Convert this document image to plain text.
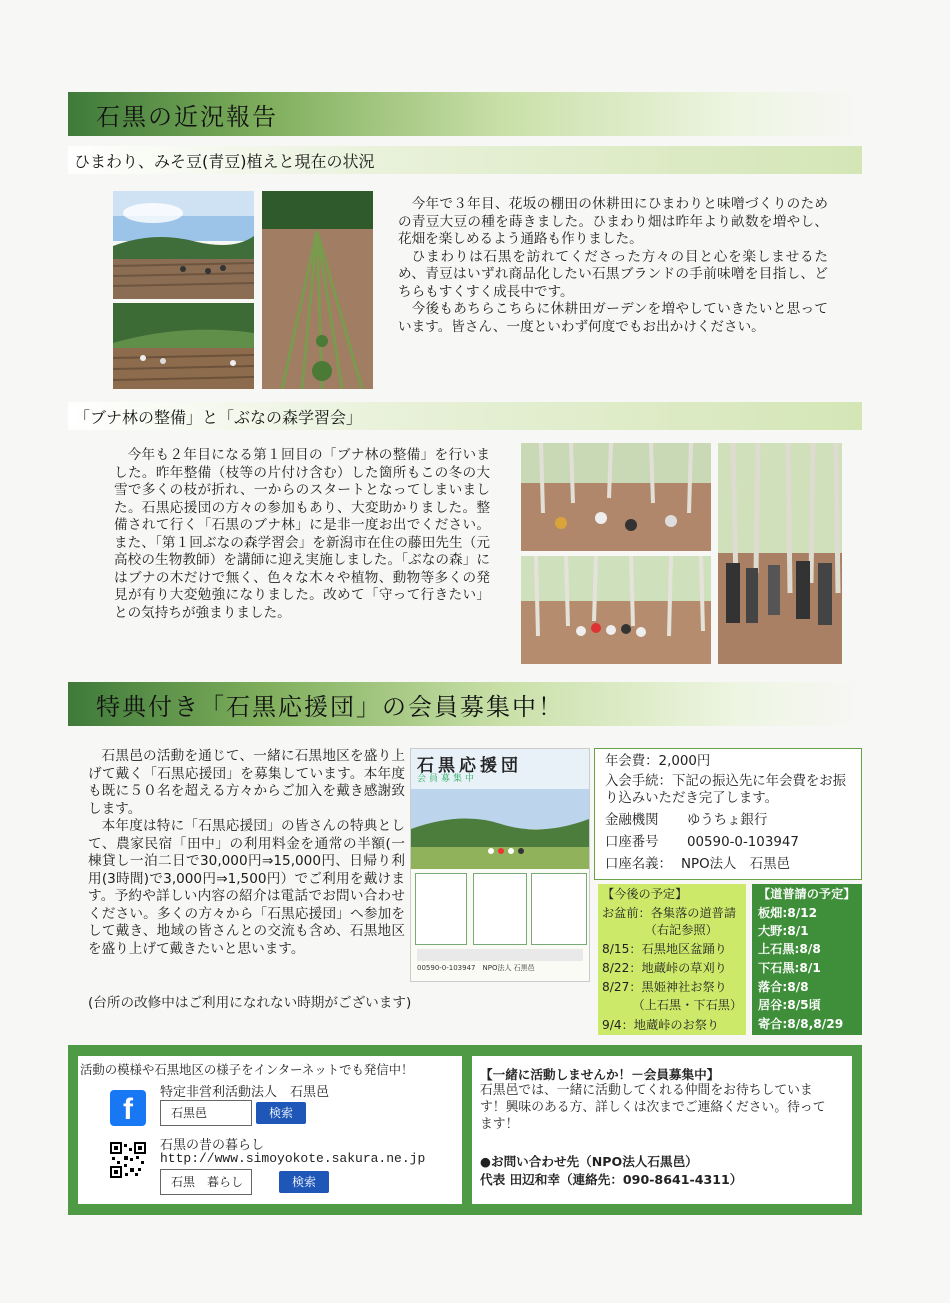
石黒の近況報告
ひまわり、みそ豆(青豆)植えと現在の状況

今年で３年目、花坂の棚田の休耕田にひまわりと味噌づくりのための青豆大豆の種を蒔きました。ひまわり畑は昨年より畝数を増やし、花畑を楽しめるよう通路も作りました。

ひまわりは石黒を訪れてくださった方々の目と心を楽しませるため、青豆はいずれ商品化したい石黒ブランドの手前味噌を目指し、どちらもすくすく成長中です。

今後もあちらこちらに休耕田ガーデンを増やしていきたいと思っています。皆さん、一度といわず何度でもお出かけください。

「ブナ林の整備」と「ぶなの森学習会」

今年も２年目になる第１回目の「ブナ林の整備」を行いました。昨年整備（枝等の片付け含む）した箇所もこの冬の大雪で多くの枝が折れ、一からのスタートとなってしまいました。石黒応援団の方々の参加もあり、大変助かりました。整備されて行く「石黒のブナ林」に是非一度お出でください。また、「第１回ぶなの森学習会」を新潟市在住の藤田先生（元高校の生物教師）を講師に迎え実施しました。「ぶなの森」にはブナの木だけで無く、色々な木々や植物、動物等多くの発見が有り大変勉強になりました。改めて「守って行きたい」との気持ちが強まりました。

特典付き「石黒応援団」の会員募集中！

石黒邑の活動を通じて、一緒に石黒地区を盛り上げて戴く「石黒応援団」を募集しています。本年度も既に５０名を超える方々からご加入を戴き感謝致します。

本年度は特に「石黒応援団」の皆さんの特典として、農家民宿「田中」の利用料金を通常の半額(一棟貸し一泊二日で30,000円⇒15,000円、日帰り利用(3時間)で3,000円⇒1,500円）でご利用を戴けます。予約や詳しい内容の紹介は電話でお問い合わせください。多くの方々から「石黒応援団」へ参加をして戴き、地域の皆さんとの交流も含め、石黒地区を盛り上げて戴きたいと思います。

(台所の改修中はご利用になれない時期がございます)
石黒応援団
会員募集中
00590-0-103947　NPO法人 石黒邑
年会費：2,000円
入会手続：下記の振込先に年会費をお振り込みいただき完了します。
金融機関 ゆうちょ銀行
口座番号 00590-0-103947
口座名義： NPO法人　石黒邑
【今後の予定】
お盆前：各集落の道普請
　　　　（右記参照）
8/15：石黒地区盆踊り
8/22：地蔵峠の草刈り
8/27：黒姫神社お祭り
　　　（上石黒・下石黒）
9/4：地蔵峠のお祭り
【道普請の予定】
板畑:8/12
大野:8/1
上石黒:8/8
下石黒:8/1
落合:8/8
居谷:8/5頃
寄合:8/8,8/29
活動の模様や石黒地区の様子をインターネットでも発信中！
f
特定非営利活動法人　石黒邑
石黒邑	検索
石黒の昔の暮らし
http://www.simoyokote.sakura.ne.jp
石黒　暮らし	検索
【一緒に活動しませんか！－会員募集中】
石黒邑では、一緒に活動してくれる仲間をお待ちしています！興味のある方、詳しくは次までご連絡ください。待ってます！
●お問い合わせ先（NPO法人石黒邑）
代表 田辺和幸（連絡先：090-8641-4311）
